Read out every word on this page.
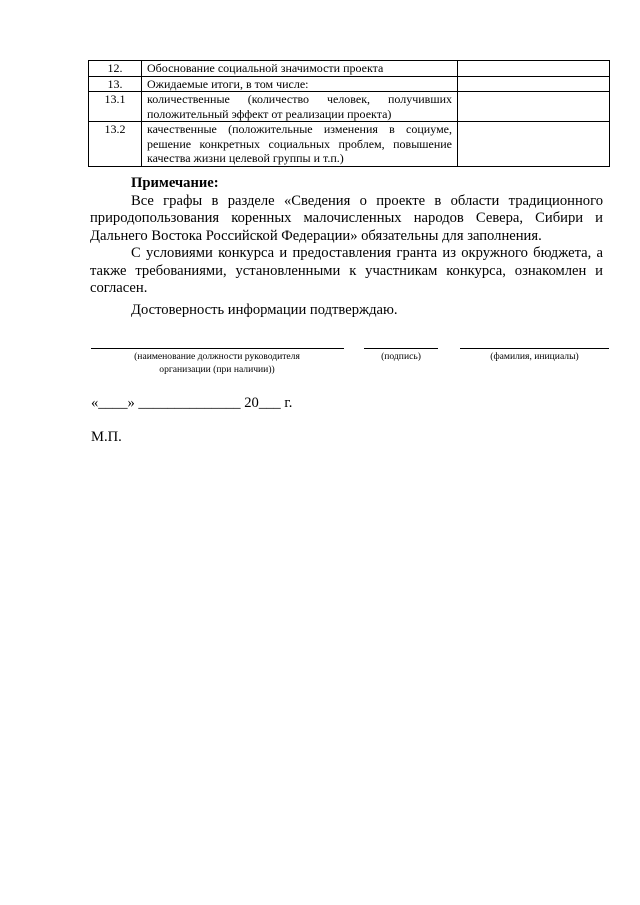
12.	Обоснование социальной значимости проекта	
13.	Ожидаемые итоги, в том числе:	
13.1	количественные (количество человек, получивших положительный эффект от реализации проекта)	
13.2	качественные (положительные изменения в социуме, решение конкретных социальных проблем, повышение качества жизни целевой группы и т.п.)	

Примечание:

Все графы в разделе «Сведения о проекте в области традиционного природопользования коренных малочисленных народов Севера, Сибири и Дальнего Востока Российской Федерации» обязательны для заполнения.

С условиями конкурса и предоставления гранта из окружного бюджета, а также требованиями, установленными к участникам конкурса, ознакомлен и согласен.

Достоверность информации подтверждаю.

(наименование должности руководителя организации (при наличии))
(подпись)	(фамилия, инициалы)
«____» ______________ 20___ г.
М.П.
